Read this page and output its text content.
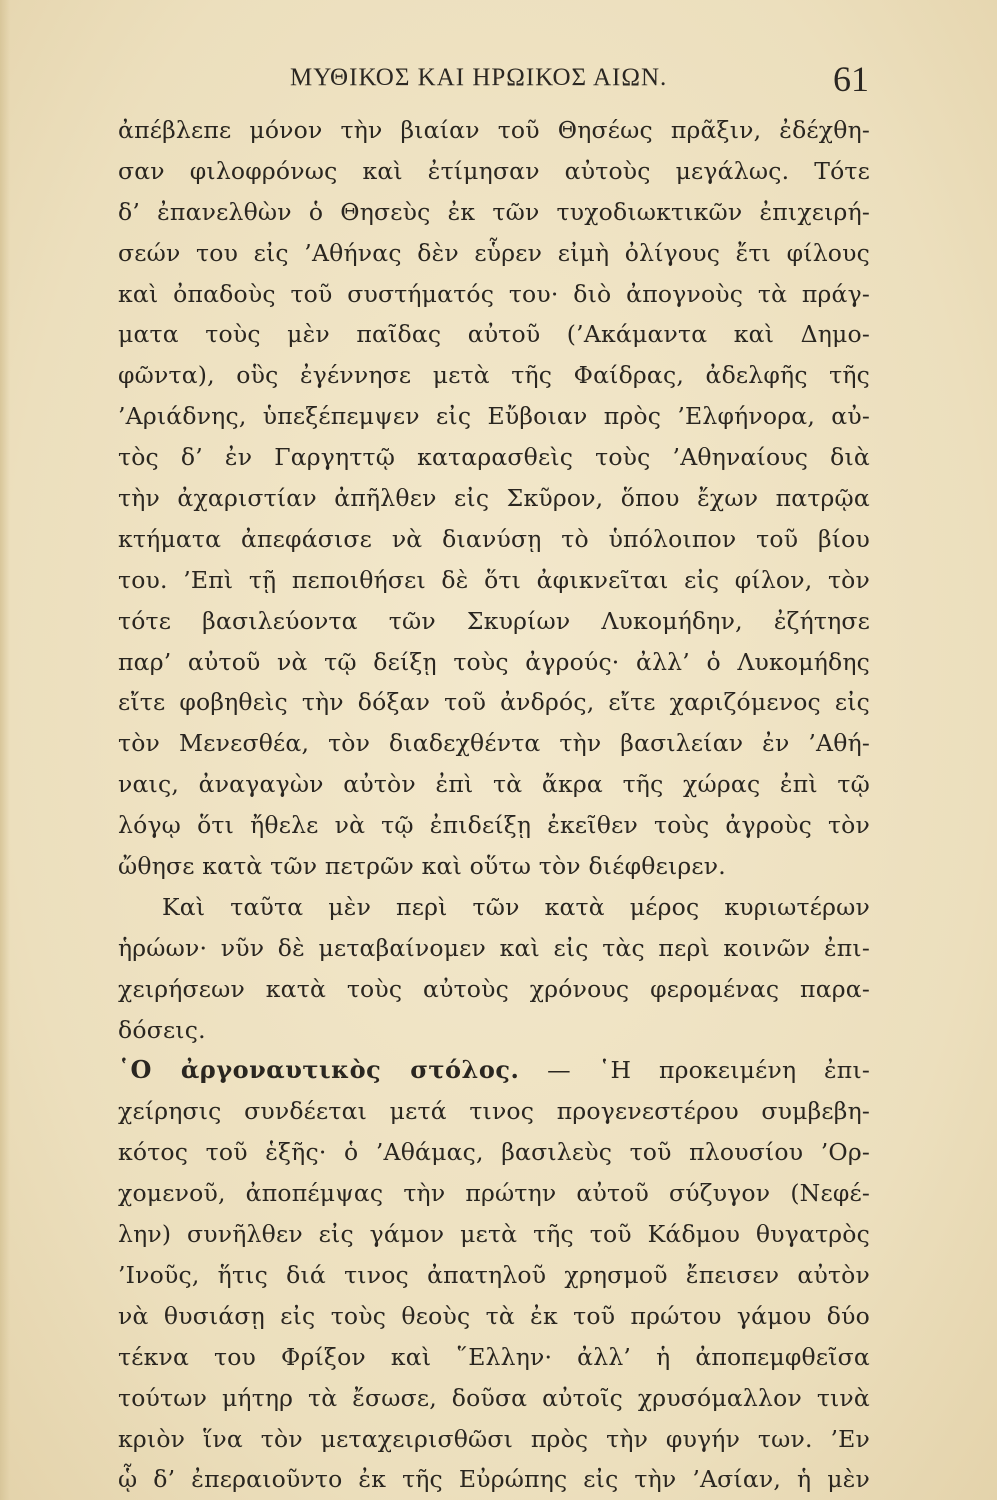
ΜΥΘΙΚΟΣ ΚΑΙ ΗΡΩΙΚΟΣ ΑΙΩΝ.	61
ἀπέβλεπε μόνον τὴν βιαίαν τοῦ Θησέως πρᾶξιν, ἐδέχθη-
σαν φιλοφρόνως καὶ ἐτίμησαν αὐτοὺς μεγάλως. Τότε
δ’ ἐπανελθὼν ὁ Θησεὺς ἐκ τῶν τυχοδιωκτικῶν ἐπιχειρή-
σεών του εἰς ’Αθήνας δὲν εὗρεν εἰμὴ ὀλίγους ἔτι φίλους
καὶ ὀπαδοὺς τοῦ συστήματός του· διὸ ἀπογνοὺς τὰ πράγ-
ματα τοὺς μὲν παῖδας αὐτοῦ (’Ακάμαντα καὶ Δημο-
φῶντα), οὓς ἐγέννησε μετὰ τῆς Φαίδρας, ἀδελφῆς τῆς
’Αριάδνης, ὑπεξέπεμψεν εἰς Εὔβοιαν πρὸς ’Ελφήνορα, αὐ-
τὸς δ’ ἐν Γαργηττῷ καταρασθεὶς τοὺς ’Αθηναίους διὰ
τὴν ἀχαριστίαν ἀπῆλθεν εἰς Σκῦρον, ὅπου ἔχων πατρῷα
κτήματα ἀπεφάσισε νὰ διανύσῃ τὸ ὑπόλοιπον τοῦ βίου
του. ’Επὶ τῇ πεποιθήσει δὲ ὅτι ἀφικνεῖται εἰς φίλον, τὸν
τότε βασιλεύοντα τῶν Σκυρίων Λυκομήδην, ἐζήτησε
παρ’ αὐτοῦ νὰ τῷ δείξῃ τοὺς ἀγρούς· ἀλλ’ ὁ Λυκομήδης
εἴτε φοβηθεὶς τὴν δόξαν τοῦ ἀνδρός, εἴτε χαριζόμενος εἰς
τὸν Μενεσθέα, τὸν διαδεχθέντα τὴν βασιλείαν ἐν ’Αθή-
ναις, ἀναγαγὼν αὐτὸν ἐπὶ τὰ ἄκρα τῆς χώρας ἐπὶ τῷ
λόγῳ ὅτι ἤθελε νὰ τῷ ἐπιδείξῃ ἐκεῖθεν τοὺς ἀγροὺς τὸν
ὤθησε κατὰ τῶν πετρῶν καὶ οὕτω τὸν διέφθειρεν.
Καὶ ταῦτα μὲν περὶ τῶν κατὰ μέρος κυριωτέρων
ἡρώων· νῦν δὲ μεταβαίνομεν καὶ εἰς τὰς περὶ κοινῶν ἐπι-
χειρήσεων κατὰ τοὺς αὐτοὺς χρόνους φερομένας παρα-
δόσεις.
῾Ο ἀργοναυτικὸς στόλος. — ῾Η προκειμένη ἐπι-
χείρησις συνδέεται μετά τινος προγενεστέρου συμβεβη-
κότος τοῦ ἑξῆς· ὁ ’Αθάμας, βασιλεὺς τοῦ πλουσίου ’Ορ-
χομενοῦ, ἀποπέμψας τὴν πρώτην αὐτοῦ σύζυγον (Νεφέ-
λην) συνῆλθεν εἰς γάμον μετὰ τῆς τοῦ Κάδμου θυγατρὸς
’Ινοῦς, ἥτις διά τινος ἀπατηλοῦ χρησμοῦ ἔπεισεν αὐτὸν
νὰ θυσιάσῃ εἰς τοὺς θεοὺς τὰ ἐκ τοῦ πρώτου γάμου δύο
τέκνα του Φρίξον καὶ ῞Ελλην· ἀλλ’ ἡ ἀποπεμφθεῖσα
τούτων μήτηρ τὰ ἔσωσε, δοῦσα αὐτοῖς χρυσόμαλλον τινὰ
κριὸν ἵνα τὸν μεταχειρισθῶσι πρὸς τὴν φυγήν των. ’Εν
ᾧ δ’ ἐπεραιοῦντο ἐκ τῆς Εὐρώπης εἰς τὴν ’Ασίαν, ἡ μὲν
